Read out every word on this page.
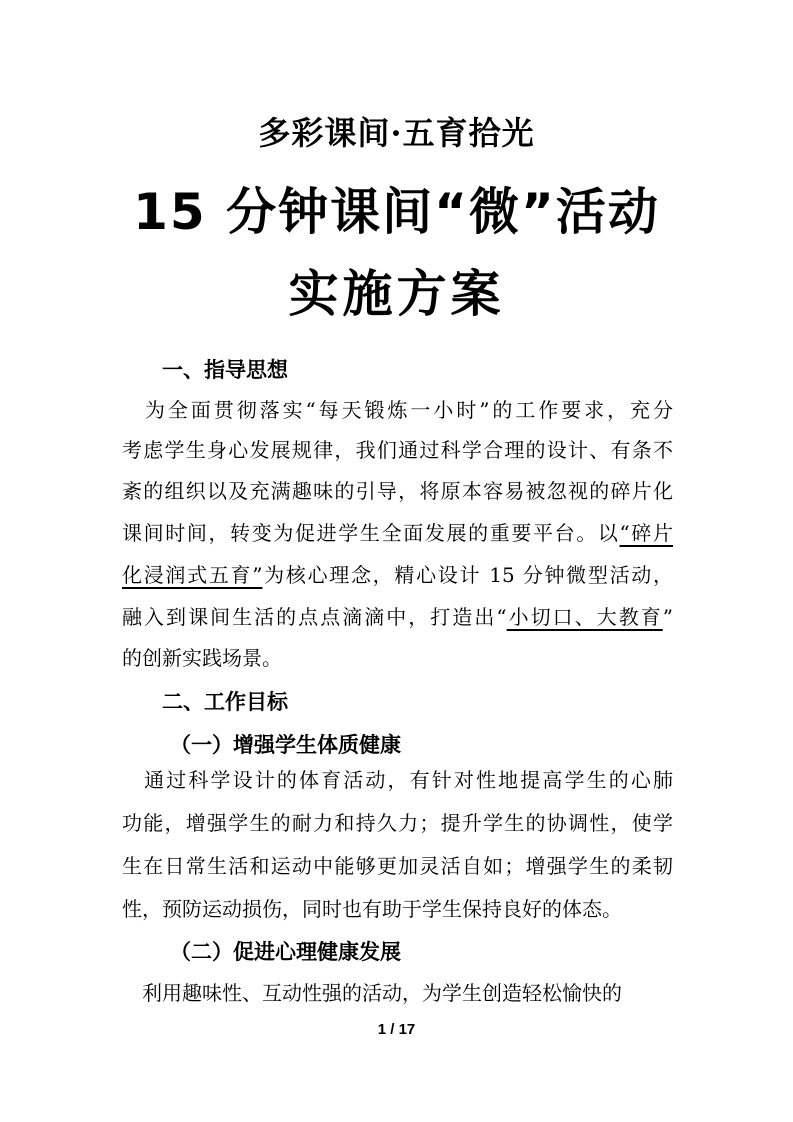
多彩课间·五育拾光
15 分钟课间“微”活动
实施方案
一、指导思想
　为全面贯彻落实“每天锻炼一小时”的工作要求，充分
考虑学生身心发展规律，我们通过科学合理的设计、有条不
紊的组织以及充满趣味的引导，将原本容易被忽视的碎片化
课间时间，转变为促进学生全面发展的重要平台。以“碎片
化浸润式五育”为核心理念，精心设计 15 分钟微型活动，
融入到课间生活的点点滴滴中，打造出“小切口、大教育”
的创新实践场景。
二、工作目标
（一）增强学生体质健康
　通过科学设计的体育活动，有针对性地提高学生的心肺
功能，增强学生的耐力和持久力；提升学生的协调性，使学
生在日常生活和运动中能够更加灵活自如；增强学生的柔韧
性，预防运动损伤，同时也有助于学生保持良好的体态。
（二）促进心理健康发展
　利用趣味性、互动性强的活动，为学生创造轻松愉快的
1 / 17
